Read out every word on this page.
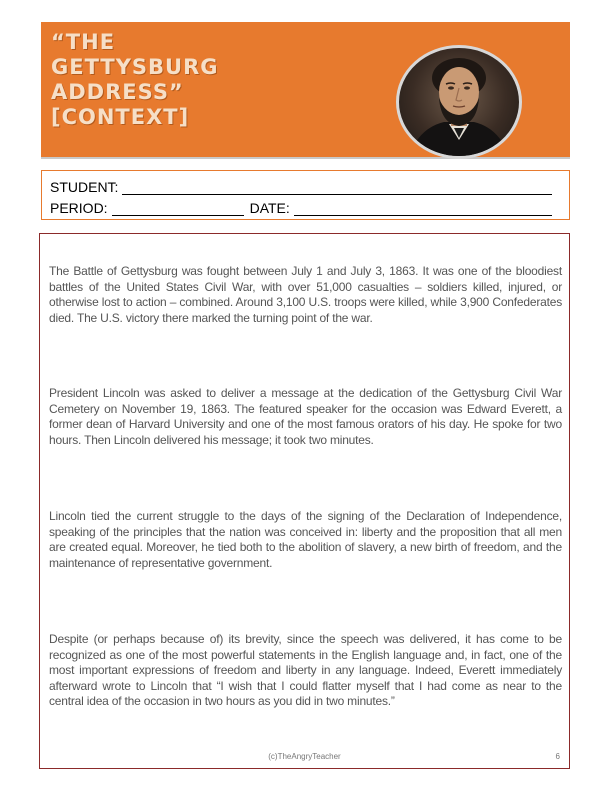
“THE
GETTYSBURG
ADDRESS”
[CONTEXT]
STUDENT:
PERIOD:	DATE:

The Battle of Gettysburg was fought between July 1 and July 3, 1863. It was one of the bloodiest battles of the United States Civil War, with over 51,000 casualties – soldiers killed, injured, or otherwise lost to action – combined. Around 3,100 U.S. troops were killed, while 3,900 Confederates died. The U.S. victory there marked the turning point of the war.

President Lincoln was asked to deliver a message at the dedication of the Gettysburg Civil War Cemetery on November 19, 1863. The featured speaker for the occasion was Edward Everett, a former dean of Harvard University and one of the most famous orators of his day. He spoke for two hours. Then Lincoln delivered his message; it took two minutes.

Lincoln tied the current struggle to the days of the signing of the Declaration of Independence, speaking of the principles that the nation was conceived in: liberty and the proposition that all men are created equal. Moreover, he tied both to the abolition of slavery, a new birth of freedom, and the maintenance of representative government.

Despite (or perhaps because of) its brevity, since the speech was delivered, it has come to be recognized as one of the most powerful statements in the English language and, in fact, one of the most important expressions of freedom and liberty in any language. Indeed, Everett immediately afterward wrote to Lincoln that “I wish that I could flatter myself that I had come as near to the central idea of the occasion in two hours as you did in two minutes.”

(c)TheAngryTeacher	6
